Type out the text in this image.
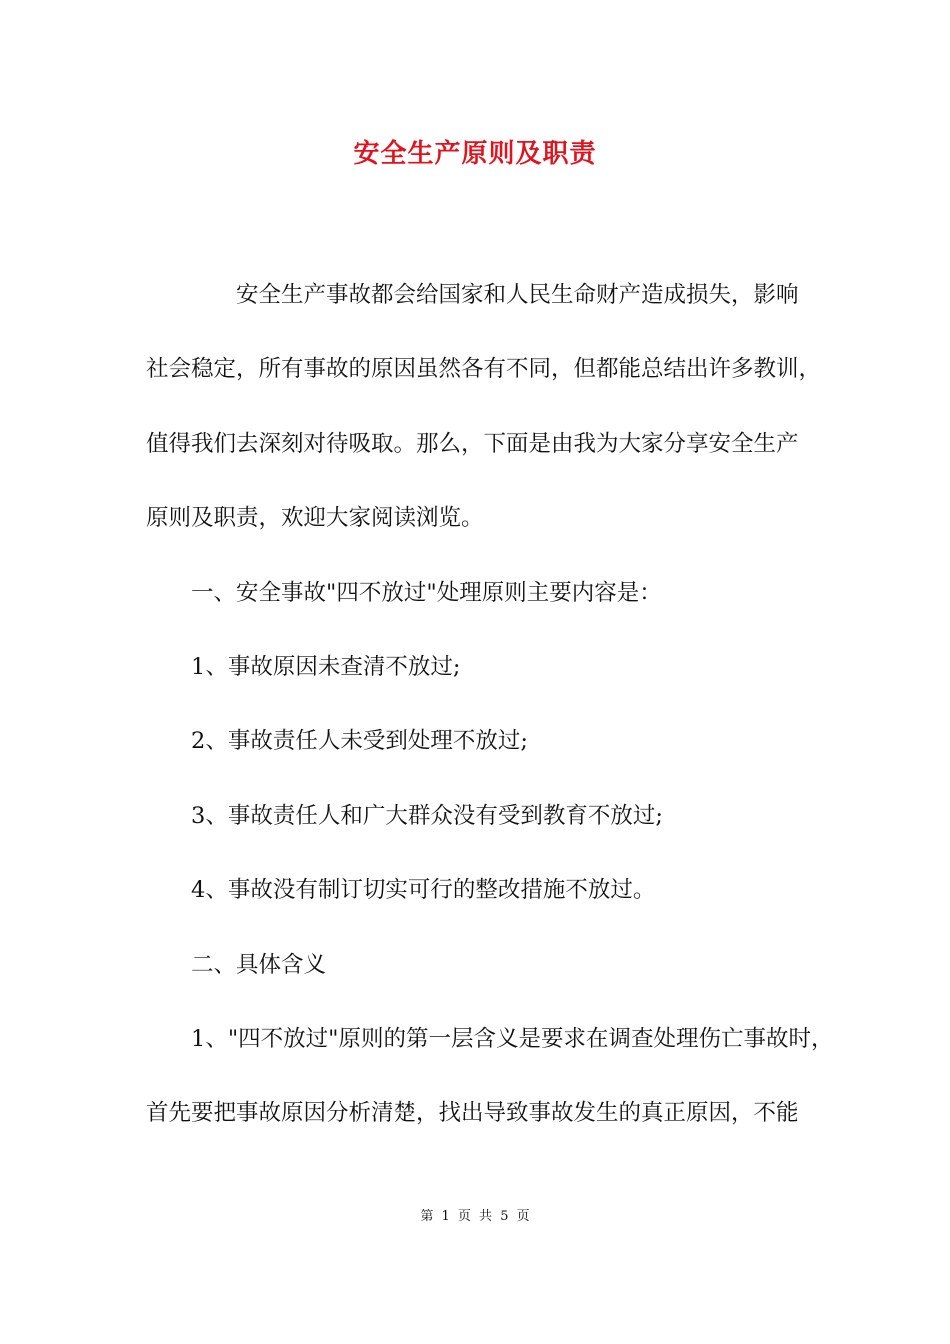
安全生产原则及职责
安全生产事故都会给国家和人民生命财产造成损失，影响
社会稳定，所有事故的原因虽然各有不同，但都能总结出许多教训，
值得我们去深刻对待吸取。那么，下面是由我为大家分享安全生产
原则及职责，欢迎大家阅读浏览。
一、安全事故"四不放过"处理原则主要内容是：
1、事故原因未查清不放过;
2、事故责任人未受到处理不放过;
3、事故责任人和广大群众没有受到教育不放过;
4、事故没有制订切实可行的整改措施不放过。
二、具体含义
1、"四不放过"原则的第一层含义是要求在调查处理伤亡事故时，
首先要把事故原因分析清楚，找出导致事故发生的真正原因，不能
第 1 页 共 5 页
